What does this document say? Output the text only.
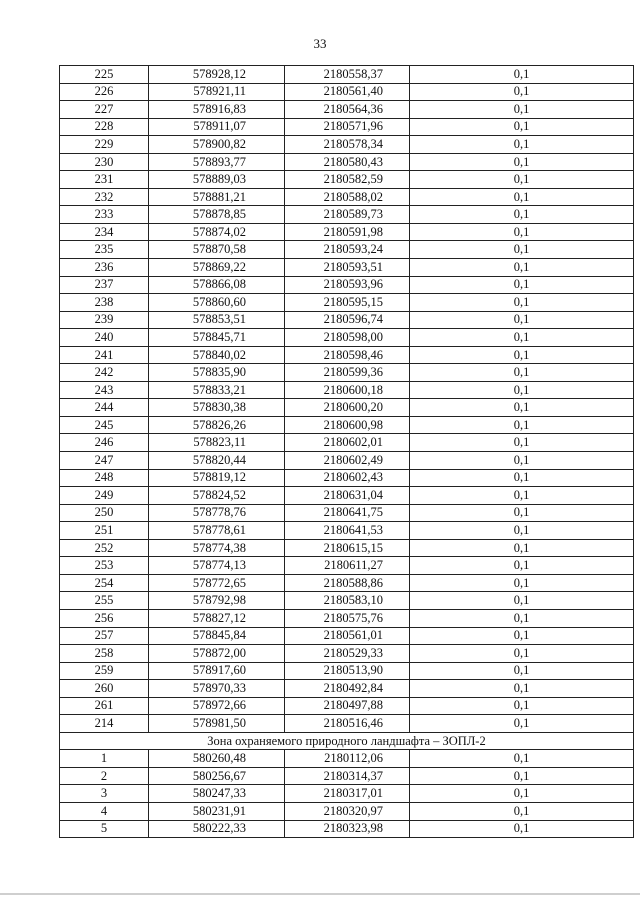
33
225	578928,12	2180558,37	0,1
226	578921,11	2180561,40	0,1
227	578916,83	2180564,36	0,1
228	578911,07	2180571,96	0,1
229	578900,82	2180578,34	0,1
230	578893,77	2180580,43	0,1
231	578889,03	2180582,59	0,1
232	578881,21	2180588,02	0,1
233	578878,85	2180589,73	0,1
234	578874,02	2180591,98	0,1
235	578870,58	2180593,24	0,1
236	578869,22	2180593,51	0,1
237	578866,08	2180593,96	0,1
238	578860,60	2180595,15	0,1
239	578853,51	2180596,74	0,1
240	578845,71	2180598,00	0,1
241	578840,02	2180598,46	0,1
242	578835,90	2180599,36	0,1
243	578833,21	2180600,18	0,1
244	578830,38	2180600,20	0,1
245	578826,26	2180600,98	0,1
246	578823,11	2180602,01	0,1
247	578820,44	2180602,49	0,1
248	578819,12	2180602,43	0,1
249	578824,52	2180631,04	0,1
250	578778,76	2180641,75	0,1
251	578778,61	2180641,53	0,1
252	578774,38	2180615,15	0,1
253	578774,13	2180611,27	0,1
254	578772,65	2180588,86	0,1
255	578792,98	2180583,10	0,1
256	578827,12	2180575,76	0,1
257	578845,84	2180561,01	0,1
258	578872,00	2180529,33	0,1
259	578917,60	2180513,90	0,1
260	578970,33	2180492,84	0,1
261	578972,66	2180497,88	0,1
214	578981,50	2180516,46	0,1
Зона охраняемого природного ландшафта – ЗОПЛ-2			
1	580260,48	2180112,06	0,1
2	580256,67	2180314,37	0,1
3	580247,33	2180317,01	0,1
4	580231,91	2180320,97	0,1
5	580222,33	2180323,98	0,1
